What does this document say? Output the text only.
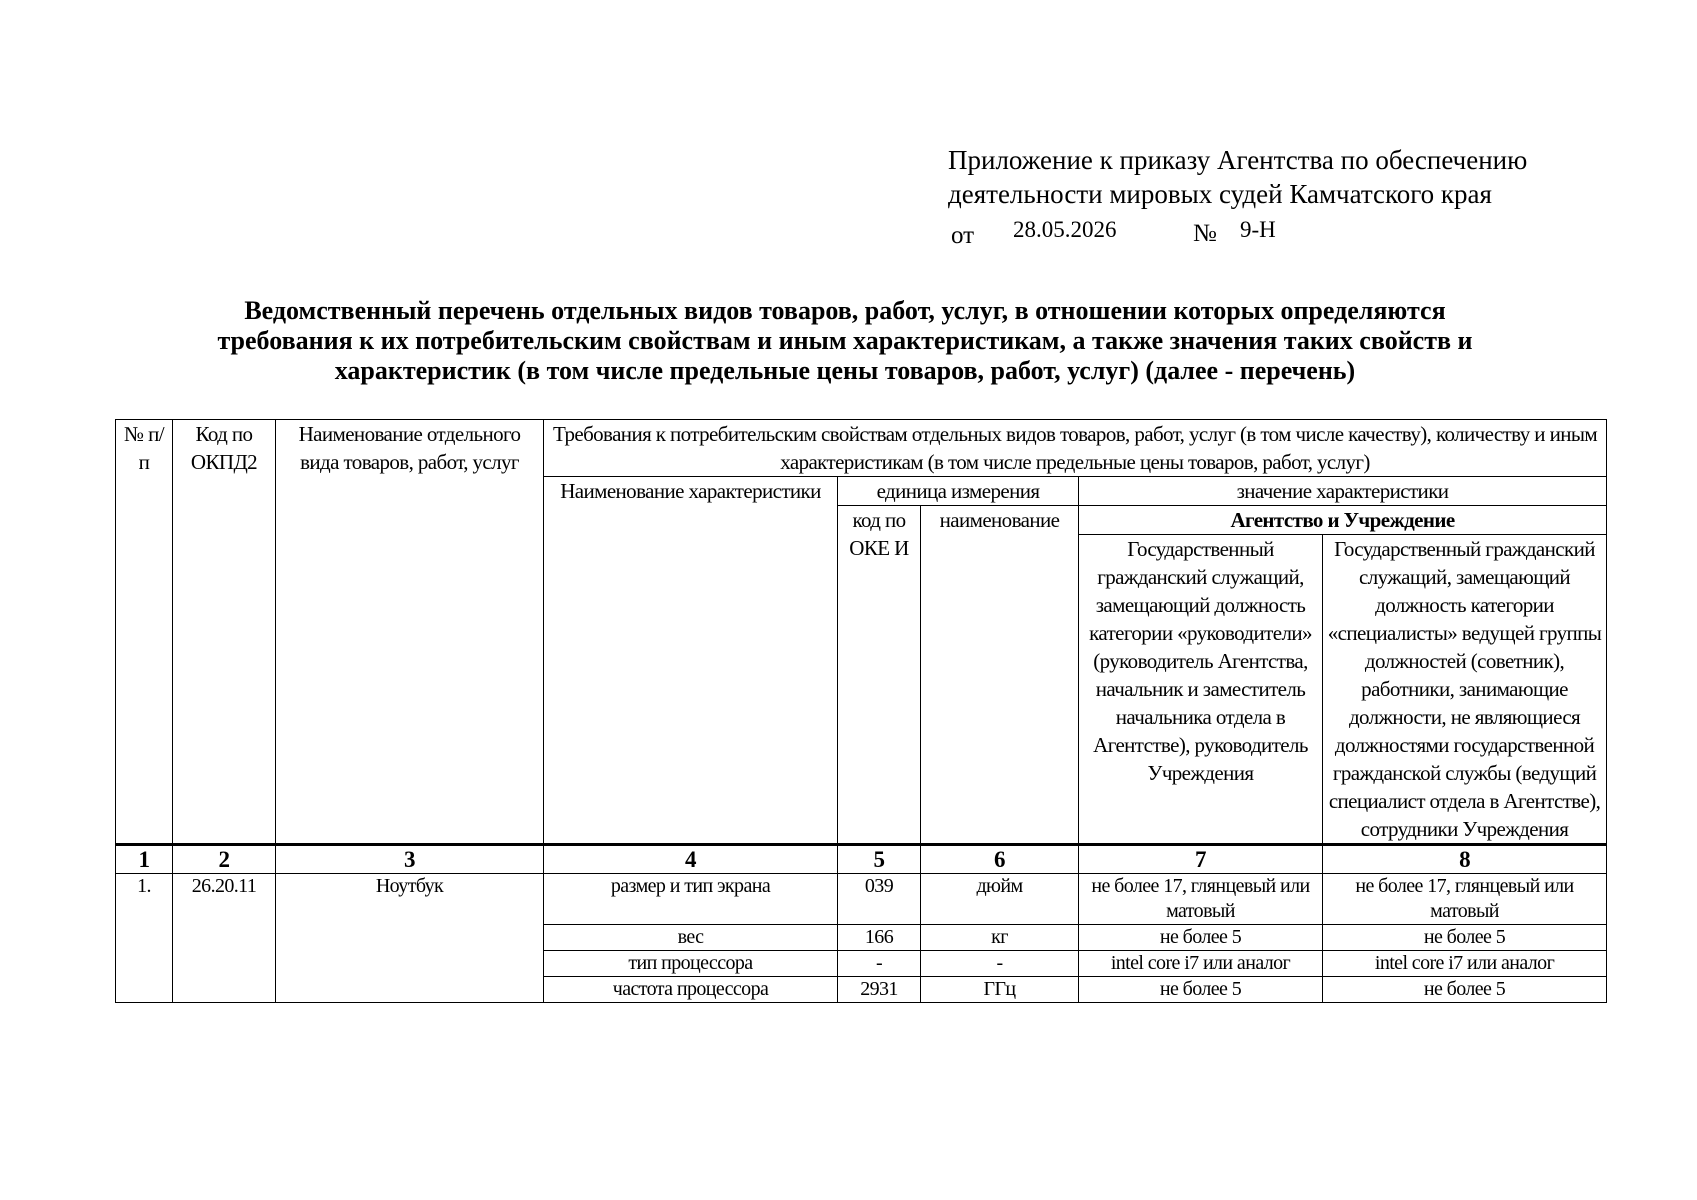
Приложение к приказу Агентства по обеспечению
деятельности мировых судей Камчатского края
от 28.05.2026	№ 9-Н
Ведомственный перечень отдельных видов товаров, работ, услуг, в отношении которых определяются
требования к их потребительским свойствам и иным характеристикам, а также значения таких свойств и
характеристик (в том числе предельные цены товаров, работ, услуг) (далее - перечень)
№ п/п	Код по ОКПД2	Наименование отдельного вида товаров, работ, услуг	Требования к потребительским свойствам отдельных видов товаров, работ, услуг (в том числе качеству), количеству и иным характеристикам (в том числе предельные цены товаров, работ, услуг)				
			Наименование характеристики	единица измерения		значение характеристики	
				код по ОКЕ И	наименование	Агентство и Учреждение	
						Государственный гражданский служащий, замещающий должность категории «руководители» (руководитель Агентства, начальник и заместитель начальника отдела в Агентстве), руководитель Учреждения	Государственный гражданский служащий, замещающий должность категории «специалисты» ведущей группы должностей (советник), работники, занимающие должности, не являющиеся должностями государственной гражданской службы (ведущий специалист отдела в Агентстве), сотрудники Учреждения

1	2	3	4	5	6	7	8
1.	26.20.11	Ноутбук	размер и тип экрана	039	дюйм	не более 17, глянцевый или матовый	не более 17, глянцевый или матовый
			вес	166	кг	не более 5	не более 5
			тип процессора	-	-	intel core i7 или аналог	intel core i7 или аналог
			частота процессора	2931	ГГц	не более 5	не более 5
